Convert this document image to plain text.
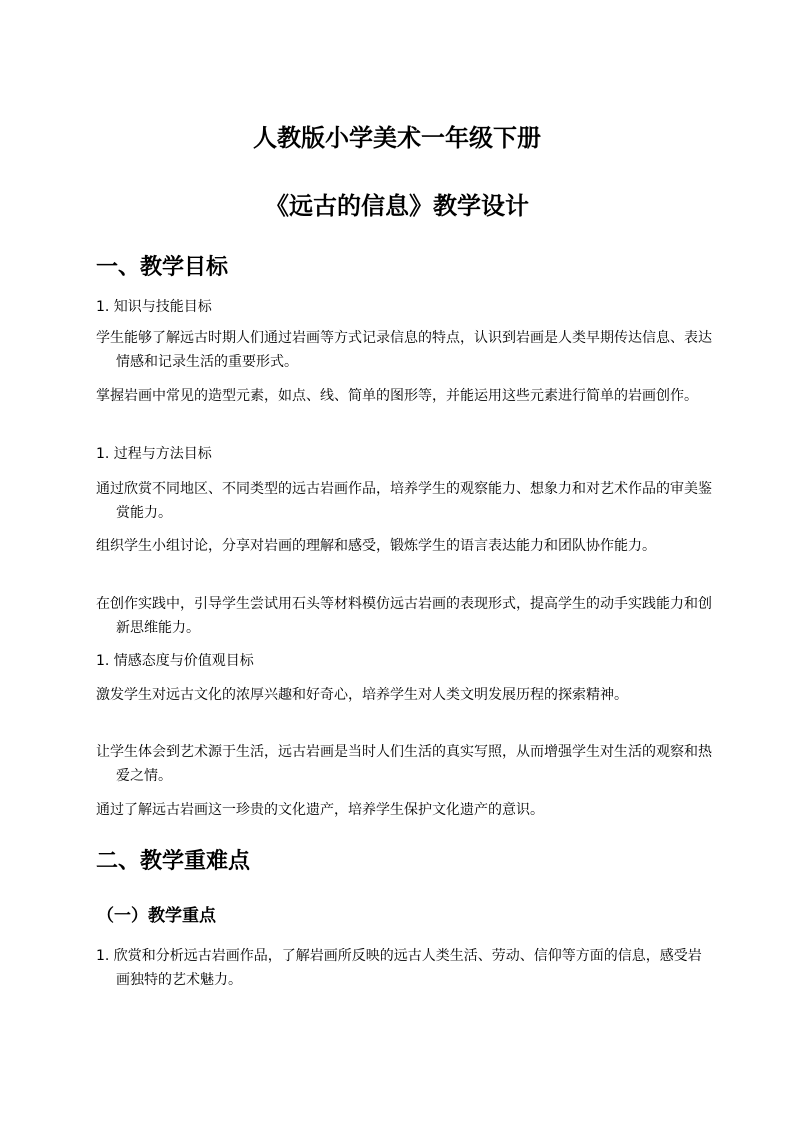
人教版小学美术一年级下册
《远古的信息》教学设计
一、教学目标
1. 知识与技能目标
学生能够了解远古时期人们通过岩画等方式记录信息的特点，认识到岩画是人类早期传达信息、表达情感和记录生活的重要形式。
掌握岩画中常见的造型元素，如点、线、简单的图形等，并能运用这些元素进行简单的岩画创作。
1. 过程与方法目标
通过欣赏不同地区、不同类型的远古岩画作品，培养学生的观察能力、想象力和对艺术作品的审美鉴赏能力。
组织学生小组讨论，分享对岩画的理解和感受，锻炼学生的语言表达能力和团队协作能力。
在创作实践中，引导学生尝试用石头等材料模仿远古岩画的表现形式，提高学生的动手实践能力和创新思维能力。
1. 情感态度与价值观目标
激发学生对远古文化的浓厚兴趣和好奇心，培养学生对人类文明发展历程的探索精神。
让学生体会到艺术源于生活，远古岩画是当时人们生活的真实写照，从而增强学生对生活的观察和热爱之情。
通过了解远古岩画这一珍贵的文化遗产，培养学生保护文化遗产的意识。
二、教学重难点
（一）教学重点
1. 欣赏和分析远古岩画作品，了解岩画所反映的远古人类生活、劳动、信仰等方面的信息，感受岩画独特的艺术魅力。
